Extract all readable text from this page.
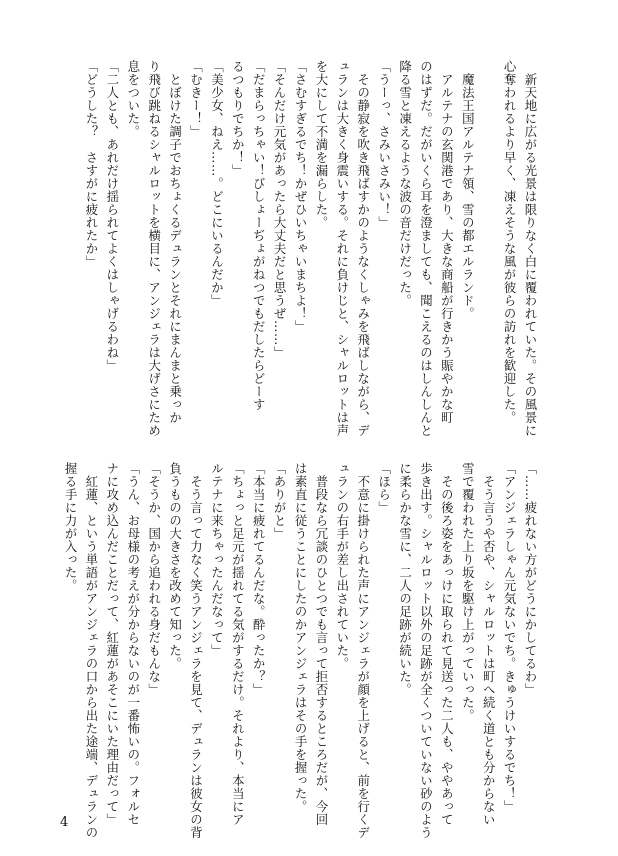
　新天地に広がる光景は限りなく白に覆われていた。その風景に
心奪われるより早く、凍えそうな風が彼らの訪れを歓迎した。

　魔法王国アルテナ領、雪の都エルランド。
　アルテナの玄関港であり、大きな商船が行きかう賑やかな町
のはずだ。だがいくら耳を澄ましても、聞こえるのはしんしんと
降る雪と凍えるような波の音だけだった。
「うーっ、さみいさみい！」
　その静寂を吹き飛ばすかのようなくしゃみを飛ばしながら、デ
ュランは大きく身震いする。それに負けじと、シャルロットは声
を大にして不満を漏らした。
「さむすぎるでち！かぜひいちゃいまちよ！」
「そんだけ元気があったら大丈夫だと思うぜ……」
「だまらっちゃい！びしょーぢょがねつでもだしたらどーす
るつもりでちか！」
「美少女、ねえ……。どこにいるんだか」
「むきー！」
　とぼけた調子でおちょくるデュランとそれにまんまと乗っか
り飛び跳ねるシャルロットを横目に、アンジェラは大げさにため
息をついた。
「二人とも、あれだけ揺られてよくはしゃげるわね」
「どうした？　さすがに疲れたか」
「……疲れない方がどうにかしてるわ」
「アンジェラしゃん元気ないでち。きゅうけいするでち！」
　そう言うや否や、シャルロットは町へ続く道とも分からない
雪で覆われた上り坂を駆け上がっていった。
　その後ろ姿をあっけに取られて見送った二人も、ややあって
歩き出す。シャルロット以外の足跡が全くついていない砂のよう
に柔らかな雪に、二人の足跡が続いた。
「ほら」
　不意に掛けられた声にアンジェラが顔を上げると、前を行くデ
ュランの右手が差し出されていた。
　普段なら冗談のひとつでも言って拒否するところだが、今回
は素直に従うことにしたのかアンジェラはその手を握った。
「ありがと」
「本当に疲れてるんだな。酔ったか？」
「ちょっと足元が揺れてる気がするだけ。それより、本当にア
ルテナに来ちゃったんだなって」
　そう言って力なく笑うアンジェラを見て、デュランは彼女の背
負うものの大きさを改めて知った。
「そうか、国から追われる身だもんな」
「うん、お母様の考えが分からないのが一番怖いの。フォルセ
ナに攻め込んだことだって、紅蓮があそこにいた理由だって」
　紅蓮、という単語がアンジェラの口から出た途端、デュランの
握る手に力が入った。
4
